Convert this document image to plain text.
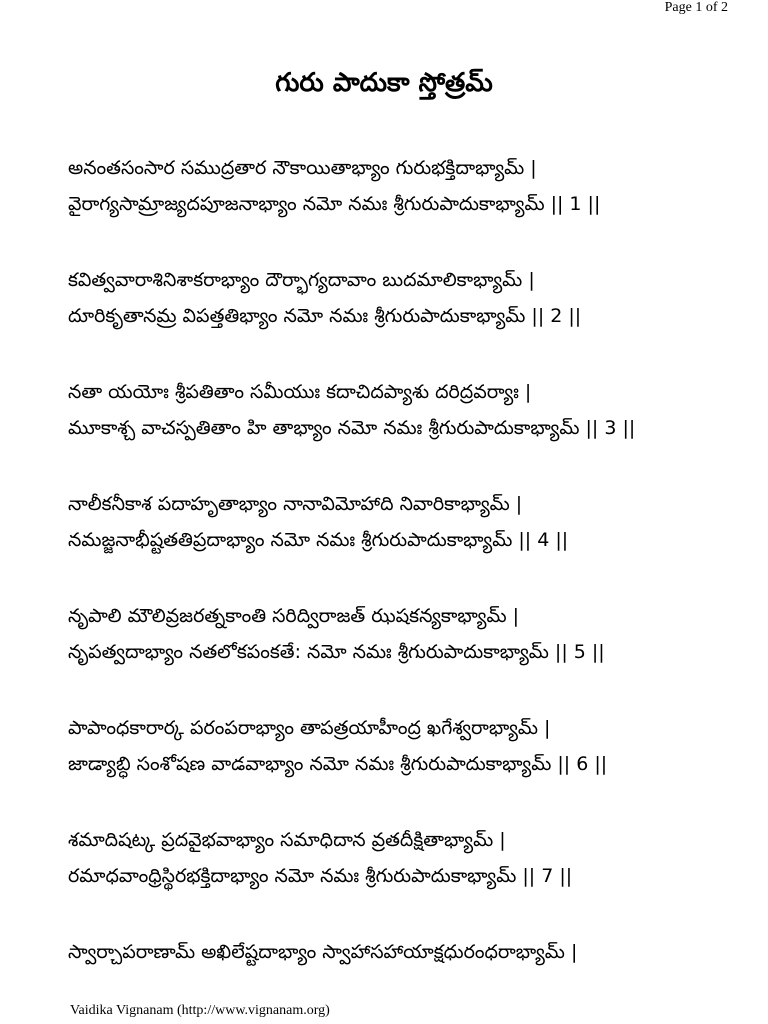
Page 1 of 2
గురు పాదుకా స్తోత్రమ్
అనంతసంసార సముద్రతార నౌకాయితాభ్యాం గురుభక్తిదాభ్యామ్ |
వైరాగ్యసామ్రాజ్యదపూజనాభ్యాం నమో నమః శ్రీగురుపాదుకాభ్యామ్ || 1 ||
కవిత్వవారాశినిశాకరాభ్యాం దౌర్భాగ్యదావాం బుదమాలికాభ్యామ్ |
దూరికృతానమ్ర విపత్తతిభ్యాం నమో నమః శ్రీగురుపాదుకాభ్యామ్ || 2 ||
నతా యయోః శ్రీపతితాం సమీయుః కదాచిదప్యాశు దరిద్రవర్యాః |
మూకాశ్చ వాచస్పతితాం హి తాభ్యాం నమో నమః శ్రీగురుపాదుకాభ్యామ్ || 3 ||
నాలీకనీకాశ పదాహృతాభ్యాం నానావిమోహాది నివారికాభ్యామ్ |
నమజ్జనాభీష్టతతిప్రదాభ్యాం నమో నమః శ్రీగురుపాదుకాభ్యామ్ || 4 ||
నృపాలి మౌలివ్రజరత్నకాంతి సరిద్విరాజత్ ఝషకన్యకాభ్యామ్ |
నృపత్వదాభ్యాం నతలోకపంకతే: నమో నమః శ్రీగురుపాదుకాభ్యామ్ || 5 ||
పాపాంధకారార్క పరంపరాభ్యాం తాపత్రయాహీంద్ర ఖగేశ్వరాభ్యామ్ |
జాడ్యాబ్ధి సంశోషణ వాడవాభ్యాం నమో నమః శ్రీగురుపాదుకాభ్యామ్ || 6 ||
శమాదిషట్క ప్రదవైభవాభ్యాం సమాధిదాన వ్రతదీక్షితాభ్యామ్ |
రమాధవాంధ్రిస్థిరభక్తిదాభ్యాం నమో నమః శ్రీగురుపాదుకాభ్యామ్ || 7 ||
స్వార్చాపరాణామ్ అఖిలేష్టదాభ్యాం స్వాహాసహాయాక్షధురంధరాభ్యామ్ |
Vaidika Vignanam (http://www.vignanam.org)
